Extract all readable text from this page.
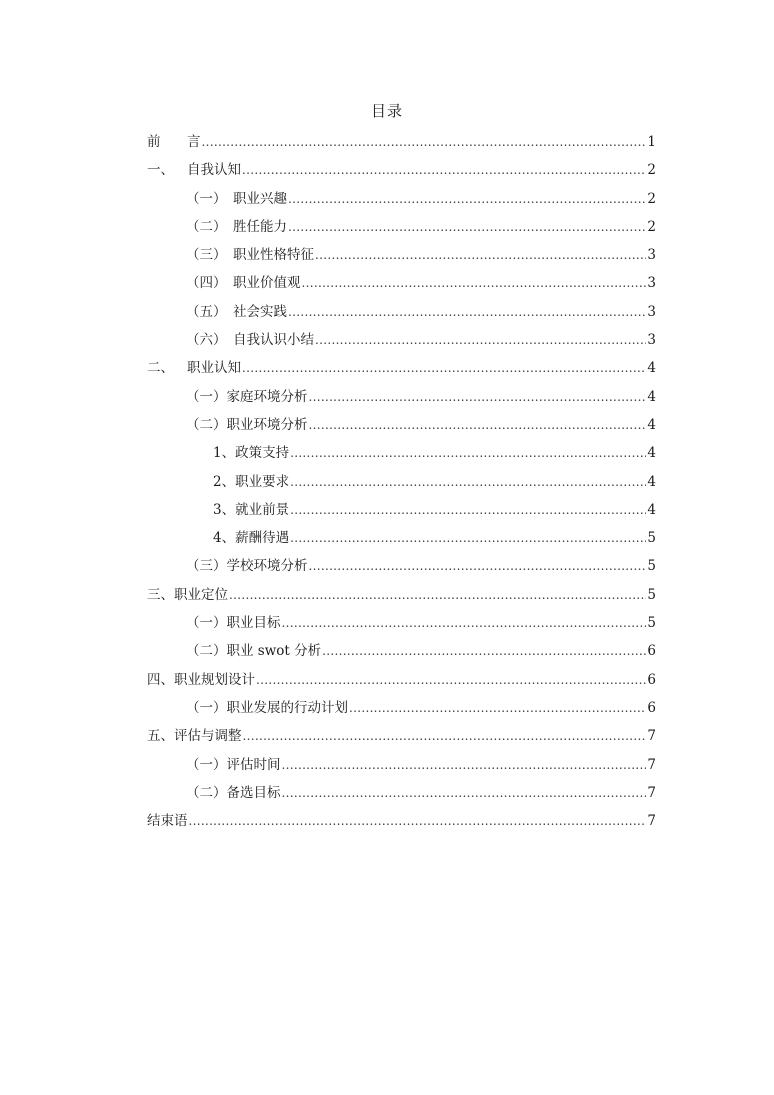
目录
前	言 .....	1
一、 自我认知 .....	2
（一） 职业兴趣 .....	2
（二） 胜任能力 .....	2
（三） 职业性格特征 .....	3
（四） 职业价值观 .....	3
（五） 社会实践 .....	3
（六） 自我认识小结 .....	3
二、 职业认知 .....	4
（一） 家庭环境分析 .....	4
（二） 职业环境分析 .....	4
1、 政策支持 .....	4
2、 职业要求 .....	4
3、 就业前景 .....	4
4、 薪酬待遇 .....	5
（三） 学校环境分析 .....	5
三、 职业定位 .....	5
（一） 职业目标 .....	5
（二） 职业 swot 分析 .....	6
四、 职业规划设计 .....	6
（一） 职业发展的行动计划 .....	6
五、 评估与调整 .....	7
（一） 评估时间 .....	7
（二） 备选目标 .....	7
结束语 .....	7
